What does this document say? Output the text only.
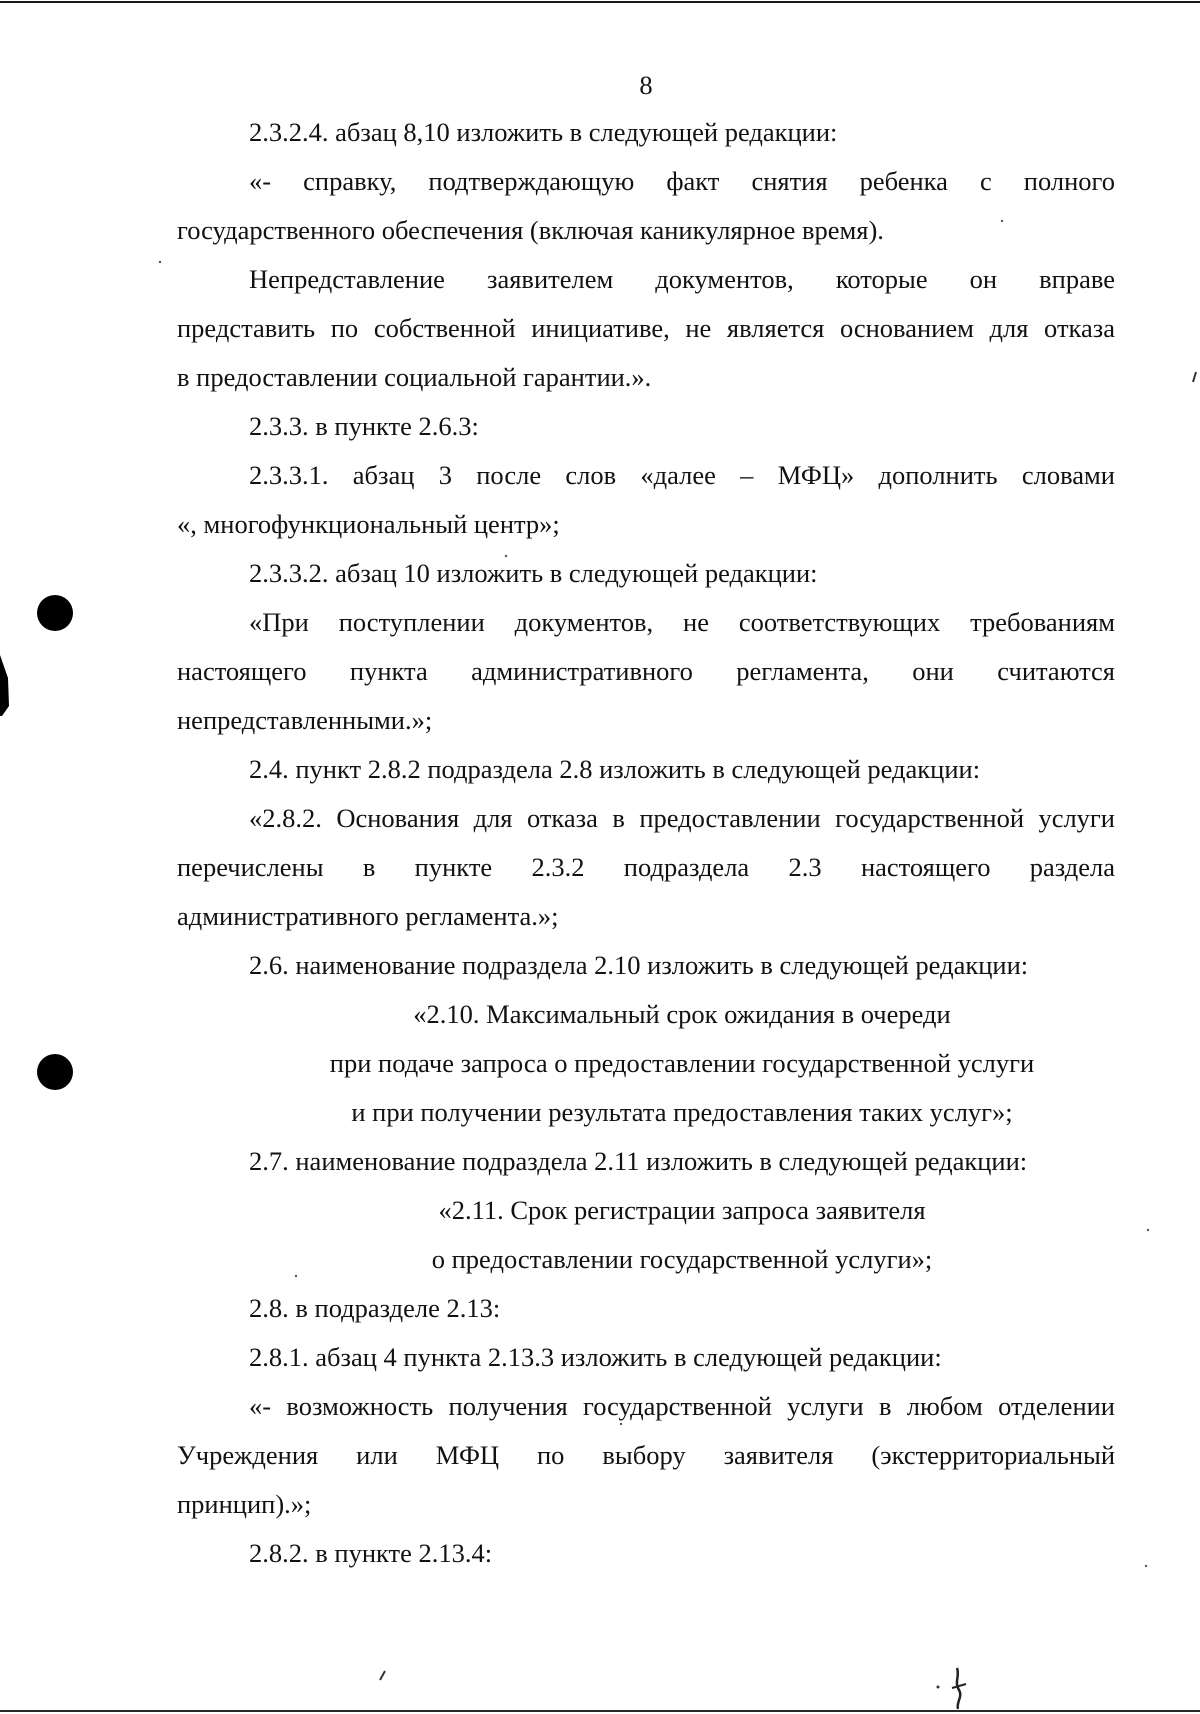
8
2.3.2.4. абзац 8,10 изложить в следующей редакции:
«- справку, подтверждающую факт снятия ребенка с полного
государственного обеспечения (включая каникулярное время).
Непредставление заявителем документов, которые он вправе
представить по собственной инициативе, не является основанием для отказа
в предоставлении социальной гарантии.».
2.3.3. в пункте 2.6.3:
2.3.3.1. абзац 3 после слов «далее – МФЦ» дополнить словами
«, многофункциональный центр»;
2.3.3.2. абзац 10 изложить в следующей редакции:
«При поступлении документов, не соответствующих требованиям
настоящего пункта административного регламента, они считаются
непредставленными.»;
2.4. пункт 2.8.2 подраздела 2.8 изложить в следующей редакции:
«2.8.2. Основания для отказа в предоставлении государственной услуги
перечислены в пункте 2.3.2 подраздела 2.3 настоящего раздела
административного регламента.»;
2.6. наименование подраздела 2.10 изложить в следующей редакции:
«2.10. Максимальный срок ожидания в очереди
при подаче запроса о предоставлении государственной услуги
и при получении результата предоставления таких услуг»;
2.7. наименование подраздела 2.11 изложить в следующей редакции:
«2.11. Срок регистрации запроса заявителя
о предоставлении государственной услуги»;
2.8. в подразделе 2.13:
2.8.1. абзац 4 пункта 2.13.3 изложить в следующей редакции:
«- возможность получения государственной услуги в любом отделении
Учреждения или МФЦ по выбору заявителя (экстерриториальный
принцип).»;
2.8.2. в пункте 2.13.4:
